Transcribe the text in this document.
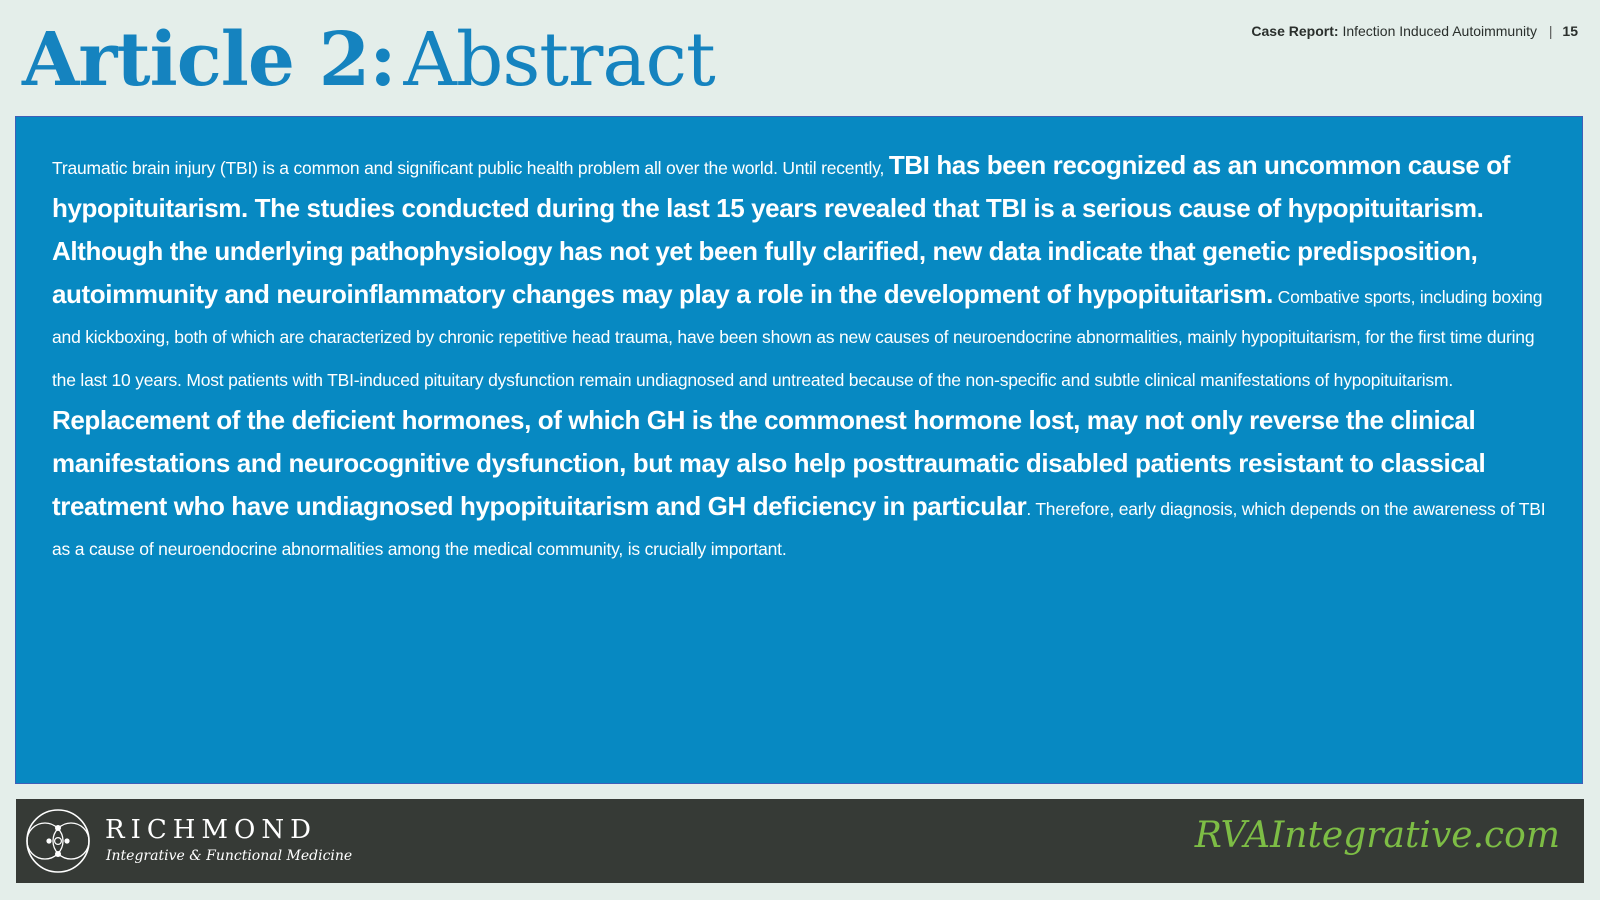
Article 2: Abstract	Case Report: Infection Induced Autoimmunity | 15

Traumatic brain injury (TBI) is a common and significant public health problem all over the world. Until recently, TBI has been recognized as an uncommon cause of hypopituitarism. The studies conducted during the last 15 years revealed that TBI is a serious cause of hypopituitarism. Although the underlying pathophysiology has not yet been fully clarified, new data indicate that genetic predisposition, autoimmunity and neuroinflammatory changes may play a role in the development of hypopituitarism. Combative sports, including boxing and kickboxing, both of which are characterized by chronic repetitive head trauma, have been shown as new causes of neuroendocrine abnormalities, mainly hypopituitarism, for the first time during the last 10 years. Most patients with TBI-induced pituitary dysfunction remain undiagnosed and untreated because of the non-specific and subtle clinical manifestations of hypopituitarism. Replacement of the deficient hormones, of which GH is the commonest hormone lost, may not only reverse the clinical manifestations and neurocognitive dysfunction, but may also help posttraumatic disabled patients resistant to classical treatment who have undiagnosed hypopituitarism and GH deficiency in particular. Therefore, early diagnosis, which depends on the awareness of TBI as a cause of neuroendocrine abnormalities among the medical community, is crucially important.

RICHMOND
Integrative & Functional Medicine	RVAIntegrative.com
